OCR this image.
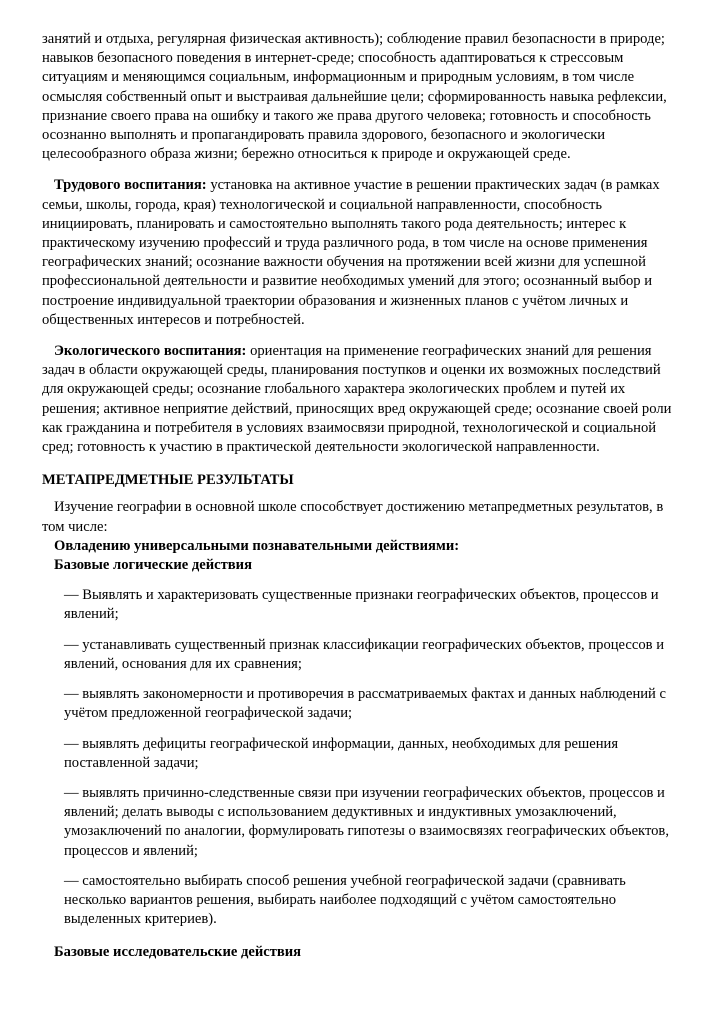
занятий и отдыха, регулярная физическая активность); соблюдение правил безопасности в природе; навыков безопасного поведения в интернет-среде; способность адаптироваться к стрессовым ситуациям и меняющимся социальным, информационным и природным условиям, в том числе осмысляя собственный опыт и выстраивая дальнейшие цели; сформированность навыка рефлексии, признание своего права на ошибку и такого же права другого человека; готовность и способность осознанно выполнять и пропагандировать правила здорового, безопасного и экологически целесообразного образа жизни; бережно относиться к природе и окружающей среде.

Трудового воспитания: установка на активное участие в решении практических задач (в рамках семьи, школы, города, края) технологической и социальной направленности, способность инициировать, планировать и самостоятельно выполнять такого рода деятельность; интерес к практическому изучению профессий и труда различного рода, в том числе на основе применения географических знаний; осознание важности обучения на протяжении всей жизни для успешной профессиональной деятельности и развитие необходимых умений для этого; осознанный выбор и построение индивидуальной траектории образования и жизненных планов с учётом личных и общественных интересов и потребностей.

Экологического воспитания: ориентация на применение географических знаний для решения задач в области окружающей среды, планирования поступков и оценки их возможных последствий для окружающей среды; осознание глобального характера экологических проблем и путей их решения; активное неприятие действий, приносящих вред окружающей среде; осознание своей роли как гражданина и потребителя в условиях взаимосвязи природной, технологической и социальной сред; готовность к участию в практической деятельности экологической направленности.

МЕТАПРЕДМЕТНЫЕ РЕЗУЛЬТАТЫ

Изучение географии в основной школе способствует достижению метапредметных результатов, в том числе:

Овладению универсальными познавательными действиями:

Базовые логические действия

— Выявлять и характеризовать существенные признаки географических объектов, процессов и явлений;

— устанавливать существенный признак классификации географических объектов, процессов и явлений, основания для их сравнения;

— выявлять закономерности и противоречия в рассматриваемых фактах и данных наблюдений с учётом предложенной географической задачи;

— выявлять дефициты географической информации, данных, необходимых для решения поставленной задачи;

— выявлять причинно-следственные связи при изучении географических объектов, процессов и явлений; делать выводы с использованием дедуктивных и индуктивных умозаключений, умозаключений по аналогии, формулировать гипотезы о взаимосвязях географических объектов, процессов и явлений;

— самостоятельно выбирать способ решения учебной географической задачи (сравнивать несколько вариантов решения, выбирать наиболее подходящий с учётом самостоятельно выделенных критериев).

Базовые исследовательские действия
